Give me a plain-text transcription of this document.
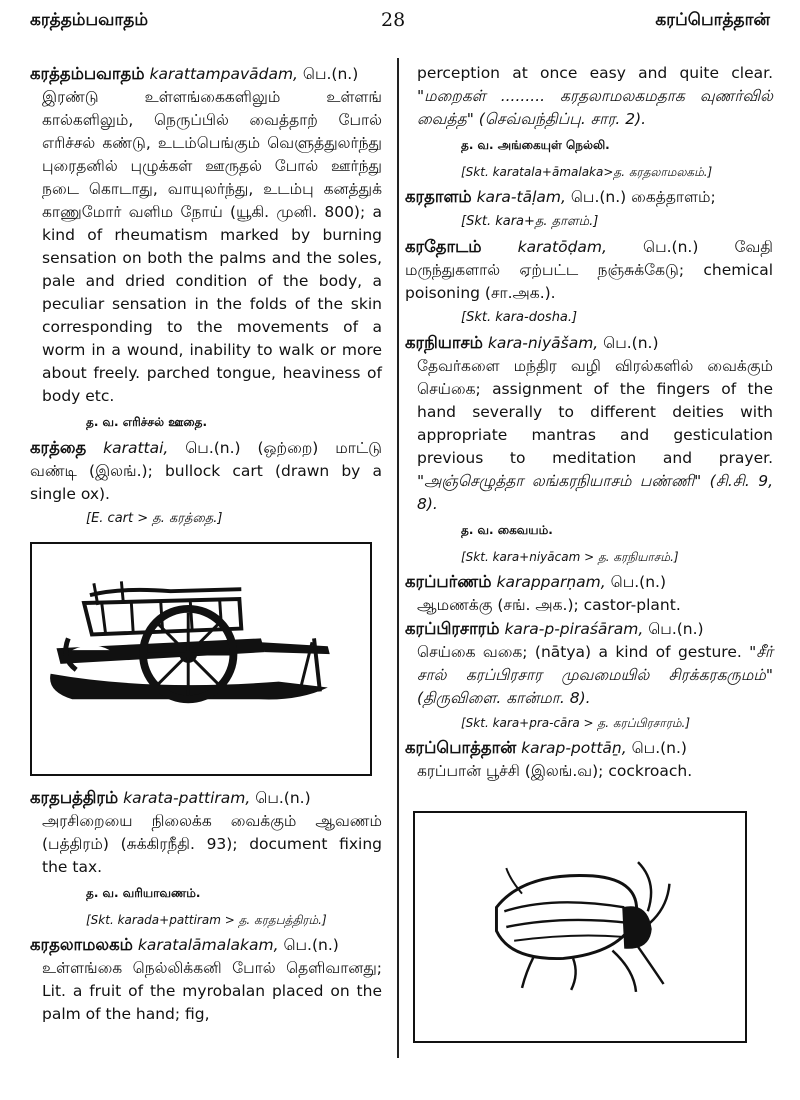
கரத்தம்பவாதம்	28	கரப்பொத்தான்
கரத்தம்பவாதம் karattampavādam, பெ.(n.)
இரண்டு உள்ளங்கைகளிலும் உள்ளங் கால்களிலும், நெருப்பில் வைத்தாற் போல் எரிச்சல் கண்டு, உடம்பெங்கும் வெளுத்துலர்ந்து புரைதனில் புழுக்கள் ஊருதல் போல் ஊர்ந்து நடை கொடாது, வாயுலர்ந்து, உடம்பு கனத்துக் காணுமோர் வளிம நோய் (யூகி. முனி. 800); a kind of rheumatism marked by burning sensation on both the palms and the soles, pale and dried condition of the body, a peculiar sensation in the folds of the skin corresponding to the movements of a worm in a wound, inability to walk or more about freely. parched tongue, heaviness of body etc.
த. வ. எரிச்சல் ஊதை.
கரத்தை karattai, பெ.(n.) (ஒற்றை) மாட்டு வண்டி (இலங்.); bullock cart (drawn by a single ox).
[E. cart > த. கரத்தை.]
கரதபத்திரம் karata-pattiram, பெ.(n.)
அரசிறையை நிலைக்க வைக்கும் ஆவணம் (பத்திரம்) (சுக்கிரநீதி. 93); document fixing the tax.
த. வ. வரியாவணம்.
[Skt. karada+pattiram > த. கரதபத்திரம்.]
கரதலாமலகம் karatalāmalakam, பெ.(n.)
உள்ளங்கை நெல்லிக்கனி போல் தெளிவானது; Lit. a fruit of the myrobalan placed on the palm of the hand; fig,
perception at once easy and quite clear. "மறைகள் ......... கரதலாமலகமதாக வுணர்வில் வைத்த" (செவ்வந்திப்பு. சார. 2).
த. வ. அங்கையுள் நெல்லி.
[Skt. karatala+āmalaka>த. கரதலாமலகம்.]
கரதாளம் kara-tāḷam, பெ.(n.) கைத்தாளம்;
[Skt. kara+த. தாளம்.]
கரதோடம் karatōḍam, பெ.(n.) வேதி மருந்துகளால் ஏற்பட்ட நஞ்சுக்கேடு; chemical poisoning (சா.அக.).
[Skt. kara-dosha.]
கரநியாசம் kara-niyāšam, பெ.(n.)
தேவர்களை மந்திர வழி விரல்களில் வைக்கும் செய்கை; assignment of the fingers of the hand severally to different deities with appropriate mantras and gesticulation previous to meditation and prayer. "அஞ்செழுத்தா லங்கரநியாசம் பண்ணி" (சி.சி. 9, 8).
த. வ. கைவயம்.
[Skt. kara+niyācam > த. கரநியாசம்.]
கரப்பர்ணம் karapparṇam, பெ.(n.)
ஆமணக்கு (சங். அக.); castor-plant.
கரப்பிரசாரம் kara-p-piraśāram, பெ.(n.)
செய்கை வகை; (nātya) a kind of gesture. "சீர் சால் கரப்பிரசார முவமையில் சிரக்கரகருமம்" (திருவிளை. கான்மா. 8).
[Skt. kara+pra-cāra > த. கரப்பிரசாரம்.]
கரப்பொத்தான் karap-pottāṉ, பெ.(n.)
கரப்பான் பூச்சி (இலங்.வ); cockroach.
